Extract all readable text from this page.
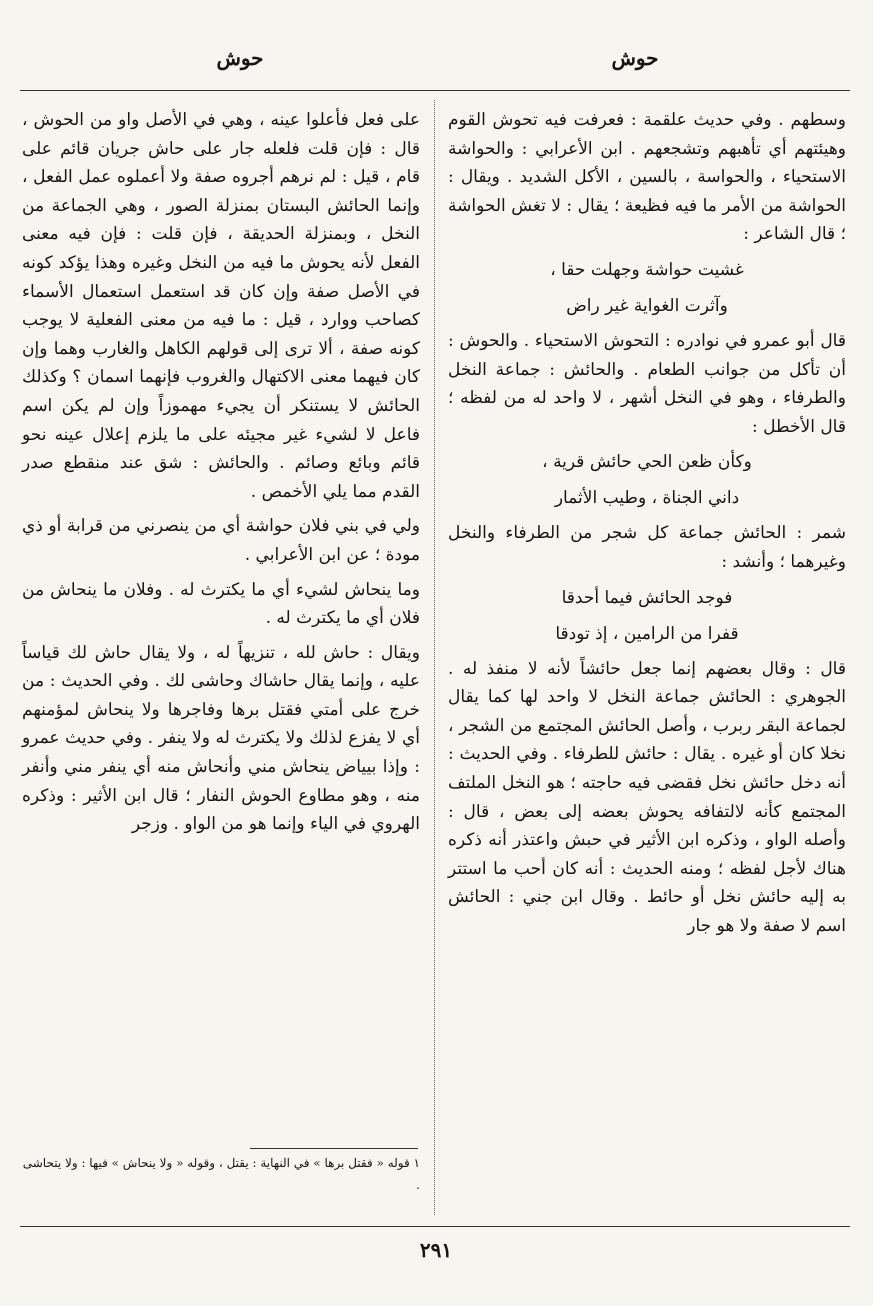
حوش
حوش

وسطهم . وفي حديث علقمة : فعرفت فيه تحوش القوم وهيئتهم أي تأهبهم وتشجعهم . ابن الأعرابي : والحواشة الاستحياء ، والحواسة ، بالسين ، الأكل الشديد . ويقال : الحواشة من الأمر ما فيه فظيعة ؛ يقال : لا تغش الحواشة ؛ قال الشاعر :

غشيت حواشة وجهلت حقا ،

وآثرت الغواية غير راض

قال أبو عمرو في نوادره : التحوش الاستحياء . والحوش : أن تأكل من جوانب الطعام . والحائش : جماعة النخل والطرفاء ، وهو في النخل أشهر ، لا واحد له من لفظه ؛ قال الأخطل :

وكأن ظعن الحي حائش قرية ،

داني الجناة ، وطيب الأثمار

شمر : الحائش جماعة كل شجر من الطرفاء والنخل وغيرهما ؛ وأنشد :

فوجد الحائش فيما أحدقا

قفرا من الرامين ، إذ تودقا

قال : وقال بعضهم إنما جعل حائشاً لأنه لا منفذ له . الجوهري : الحائش جماعة النخل لا واحد لها كما يقال لجماعة البقر ربرب ، وأصل الحائش المجتمع من الشجر ، نخلا كان أو غيره . يقال : حائش للطرفاء . وفي الحديث : أنه دخل حائش نخل فقضى فيه حاجته ؛ هو النخل الملتف المجتمع كأنه لالتفافه يحوش بعضه إلى بعض ، قال : وأصله الواو ، وذكره ابن الأثير في حبش واعتذر أنه ذكره هناك لأجل لفظه ؛ ومنه الحديث : أنه كان أحب ما استتر به إليه حائش نخل أو حائط . وقال ابن جني : الحائش اسم لا صفة ولا هو جار

على فعل فأعلوا عينه ، وهي في الأصل واو من الحوش ، قال : فإن قلت فلعله جار على حاش جريان قائم على قام ، قيل : لم نرهم أجروه صفة ولا أعملوه عمل الفعل ، وإنما الحائش البستان بمنزلة الصور ، وهي الجماعة من النخل ، وبمنزلة الحديقة ، فإن قلت : فإن فيه معنى الفعل لأنه يحوش ما فيه من النخل وغيره وهذا يؤكد كونه في الأصل صفة وإن كان قد استعمل استعمال الأسماء كصاحب ووارد ، قيل : ما فيه من معنى الفعلية لا يوجب كونه صفة ، ألا ترى إلى قولهم الكاهل والغارب وهما وإن كان فيهما معنى الاكتهال والغروب فإنهما اسمان ؟ وكذلك الحائش لا يستنكر أن يجيء مهموزاً وإن لم يكن اسم فاعل لا لشيء غير مجيئه على ما يلزم إعلال عينه نحو قائم وبائع وصائم . والحائش : شق عند منقطع صدر القدم مما يلي الأخمص .

ولي في بني فلان حواشة أي من ينصرني من قرابة أو ذي مودة ؛ عن ابن الأعرابي .

وما ينحاش لشيء أي ما يكترث له . وفلان ما ينحاش من فلان أي ما يكترث له .

ويقال : حاش لله ، تنزيهاً له ، ولا يقال حاش لك قياساً عليه ، وإنما يقال حاشاك وحاشى لك . وفي الحديث : من خرج على أمتي فقتل برها وفاجرها ولا ينحاش لمؤمنهم أي لا يفزع لذلك ولا يكترث له ولا ينفر . وفي حديث عمرو : وإذا بيياض ينحاش مني وأنحاش منه أي ينفر مني وأنفر منه ، وهو مطاوع الحوش النفار ؛ قال ابن الأثير : وذكره الهروي في الياء وإنما هو من الواو . وزجر

١ قوله « فقتل برها » في النهاية : يقتل ، وقوله « ولا ينحاش » فيها : ولا يتحاشى .
٢٩١
